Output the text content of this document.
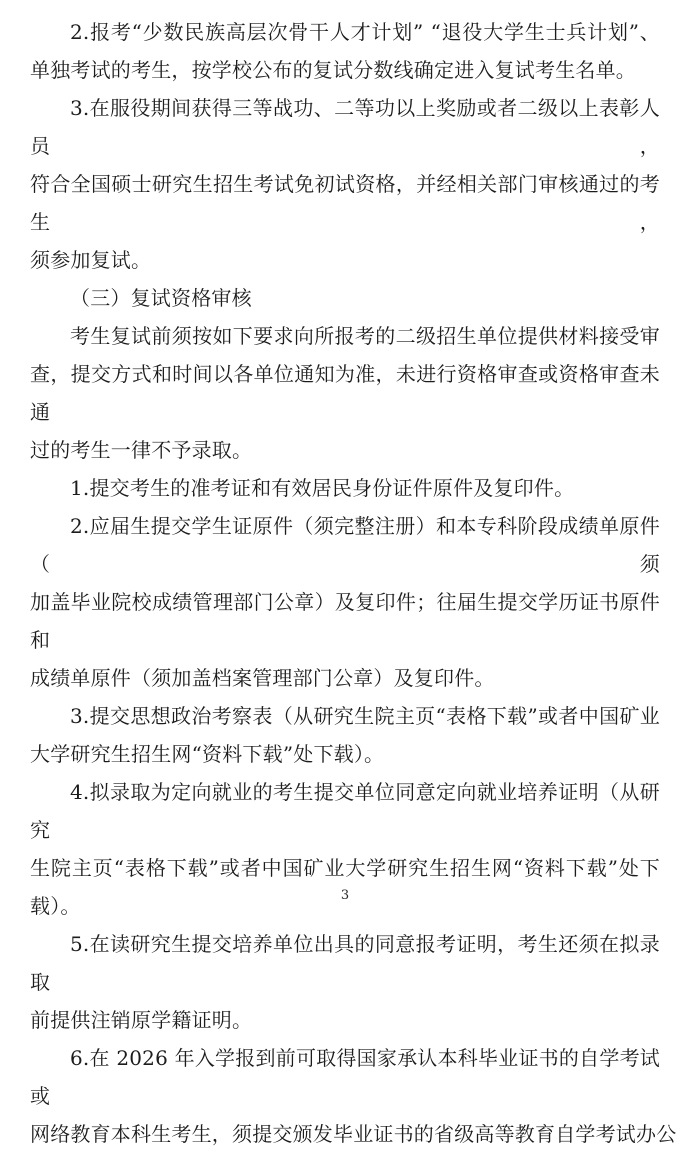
2.报考“少数民族高层次骨干人才计划” “退役大学生士兵计划”、
单独考试的考生，按学校公布的复试分数线确定进入复试考生名单。

3.在服役期间获得三等战功、二等功以上奖励或者二级以上表彰人员，
符合全国硕士研究生招生考试免初试资格，并经相关部门审核通过的考生，
须参加复试。

（三）复试资格审核

考生复试前须按如下要求向所报考的二级招生单位提供材料接受审
查，提交方式和时间以各单位通知为准，未进行资格审查或资格审查未通
过的考生一律不予录取。

1.提交考生的准考证和有效居民身份证件原件及复印件。

2.应届生提交学生证原件（须完整注册）和本专科阶段成绩单原件（须
加盖毕业院校成绩管理部门公章）及复印件；往届生提交学历证书原件和
成绩单原件（须加盖档案管理部门公章）及复印件。

3.提交思想政治考察表（从研究生院主页“表格下载”或者中国矿业
大学研究生招生网“资料下载”处下载）。

4.拟录取为定向就业的考生提交单位同意定向就业培养证明（从研究
生院主页“表格下载”或者中国矿业大学研究生招生网“资料下载”处下
载）。

5.在读研究生提交培养单位出具的同意报考证明，考生还须在拟录取
前提供注销原学籍证明。

6.在 2026 年入学报到前可取得国家承认本科毕业证书的自学考试或
网络教育本科生考生，须提交颁发毕业证书的省级高等教育自学考试办公

3
